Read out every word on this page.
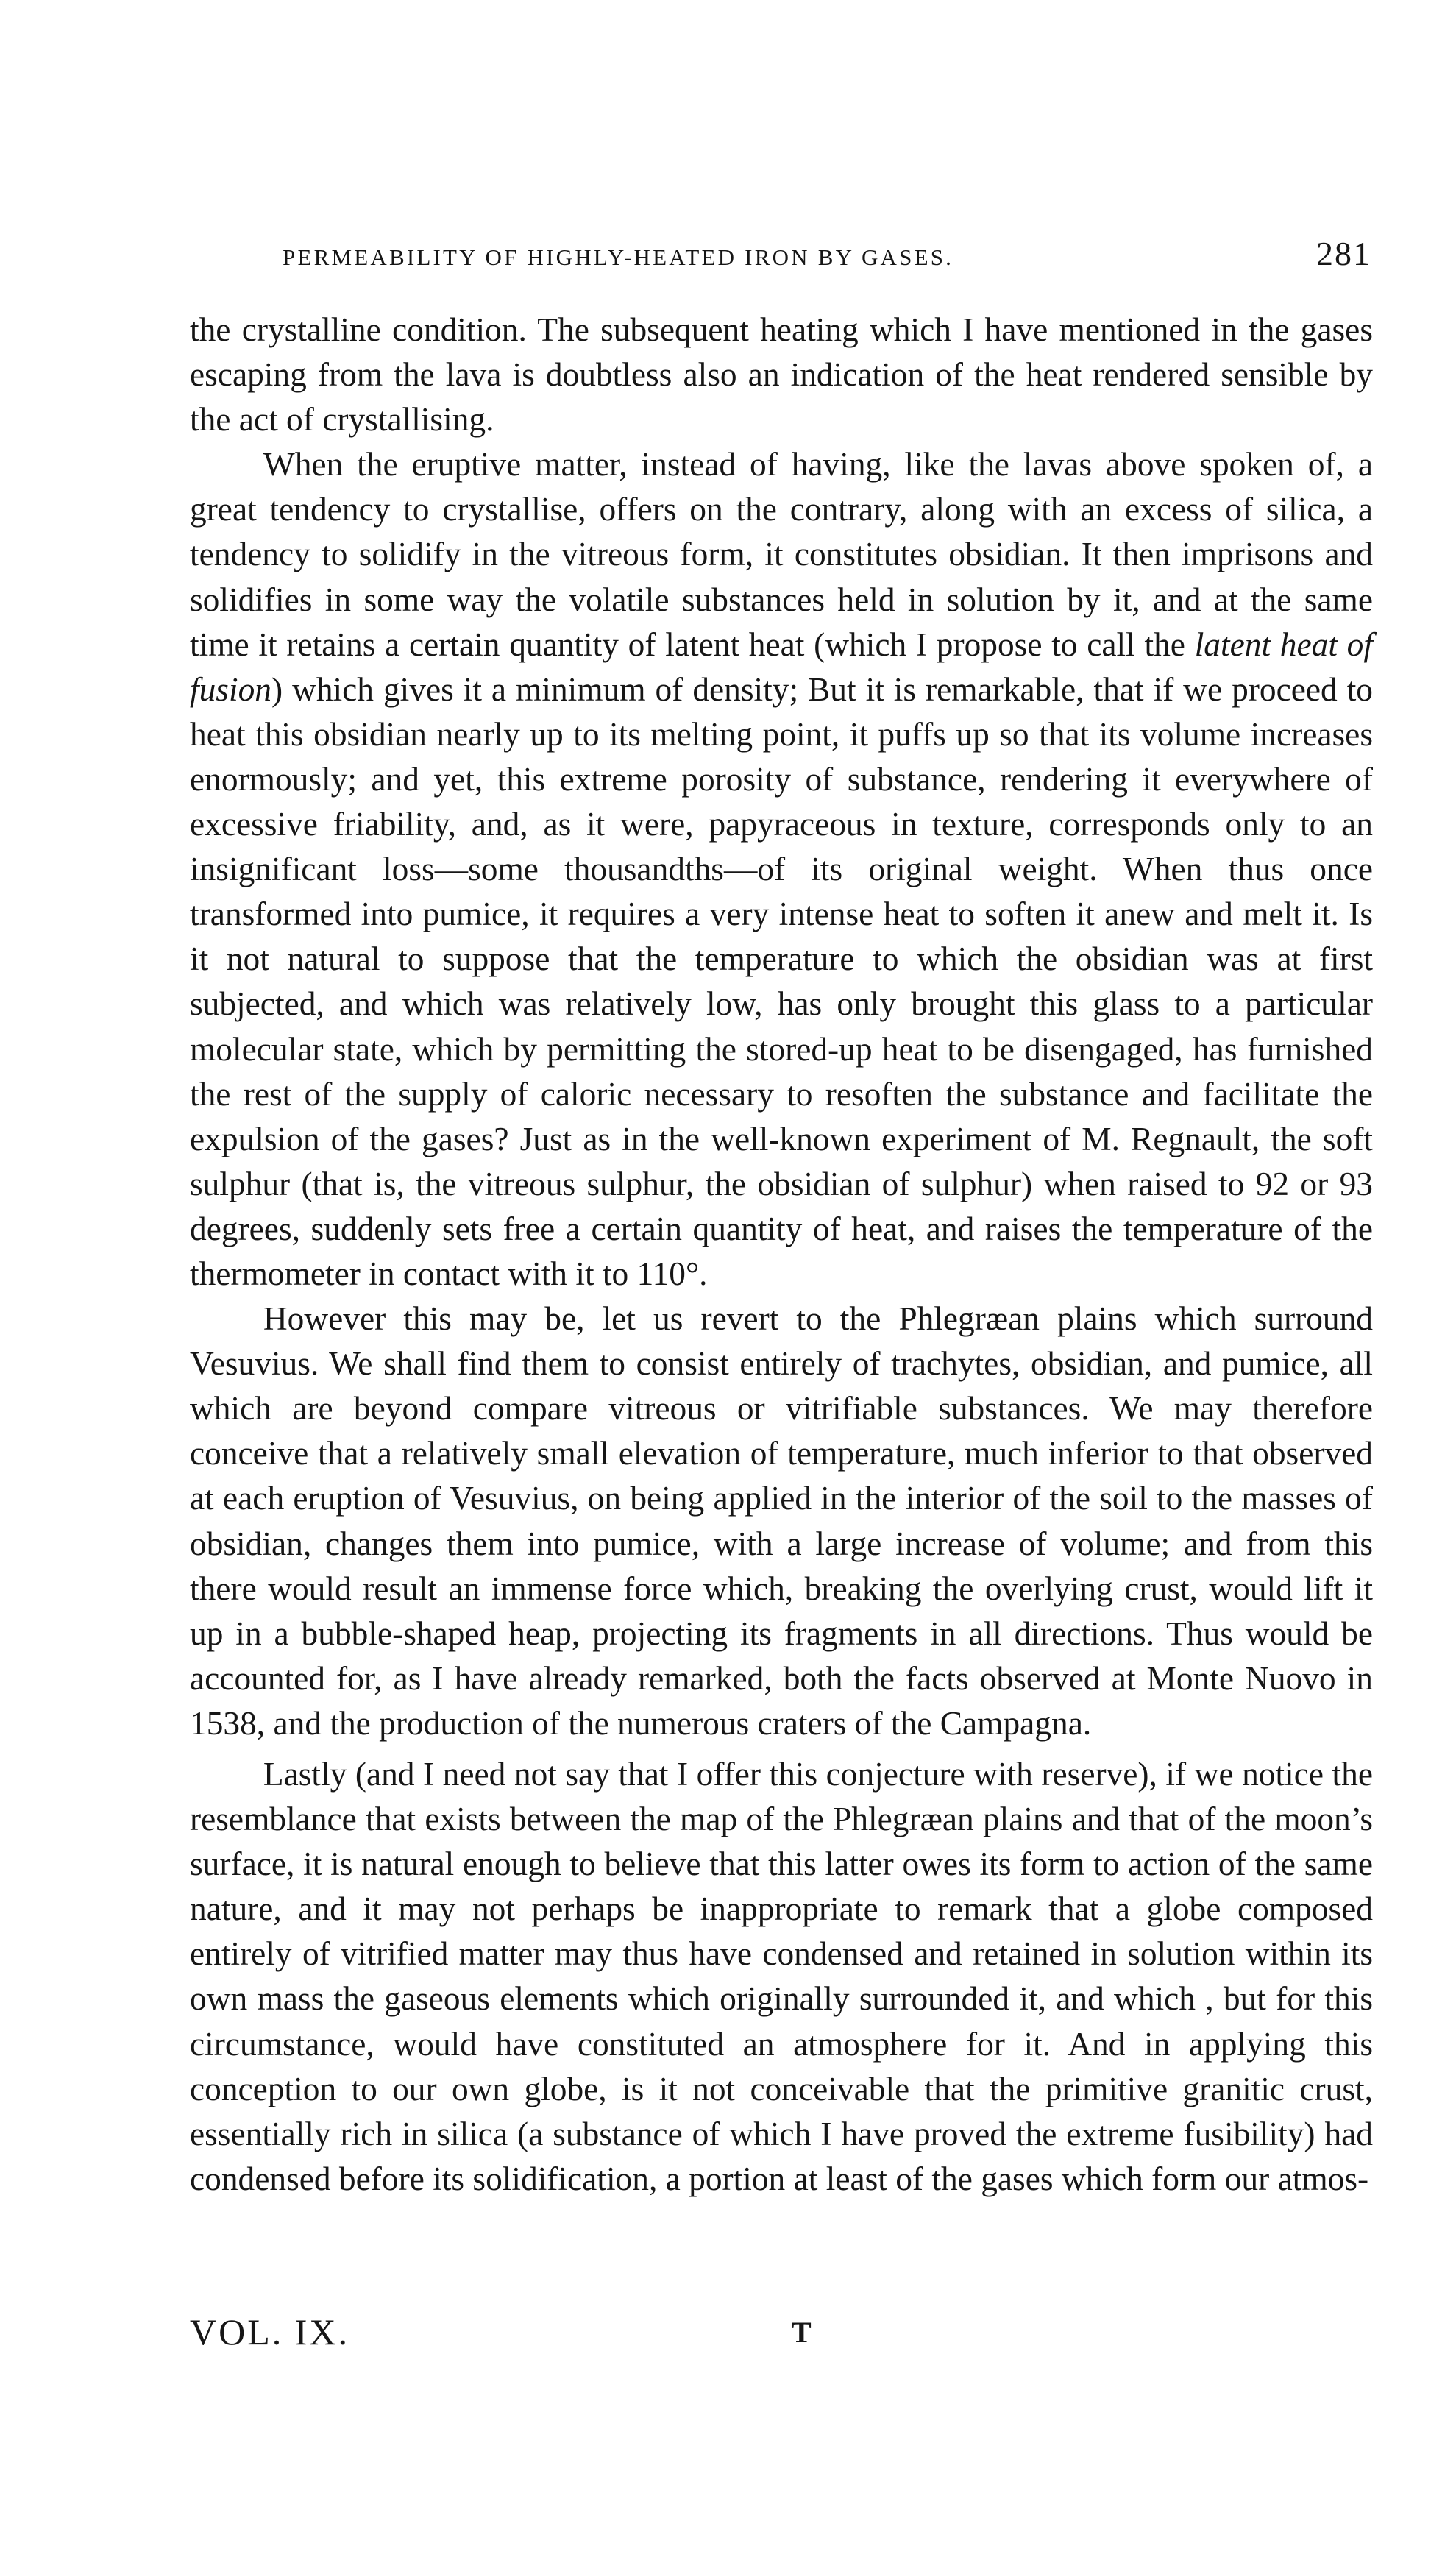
PERMEABILITY OF HIGHLY-HEATED IRON BY GASES.	281

the crystalline condition. The subsequent heating which I have mentioned in the gases escaping from the lava is doubtless also an indication of the heat rendered sensible by the act of crystallising.

When the eruptive matter, instead of having, like the lavas above spoken of, a great tendency to crystallise, offers on the contrary, along with an excess of silica, a tendency to solidify in the vitreous form, it constitutes obsidian. It then imprisons and solidifies in some way the volatile substances held in solution by it, and at the same time it retains a certain quantity of latent heat (which I propose to call the latent heat of fusion) which gives it a minimum of density; But it is remarkable, that if we proceed to heat this obsidian nearly up to its melting point, it puffs up so that its volume increases enormously; and yet, this extreme porosity of substance, rendering it everywhere of excessive friability, and, as it were, papyraceous in texture, corresponds only to an insignificant loss—some thousandths—of its original weight. When thus once transformed into pumice, it requires a very intense heat to soften it anew and melt it. Is it not natural to suppose that the temperature to which the obsidian was at first subjected, and which was relatively low, has only brought this glass to a particular molecular state, which by permitting the stored-up heat to be disengaged, has furnished the rest of the supply of caloric necessary to resoften the substance and facilitate the expulsion of the gases? Just as in the well-known experiment of M. Regnault, the soft sulphur (that is, the vitreous sulphur, the obsidian of sulphur) when raised to 92 or 93 degrees, suddenly sets free a certain quantity of heat, and raises the temperature of the thermometer in contact with it to 110°.

However this may be, let us revert to the Phlegræan plains which surround Vesuvius. We shall find them to consist entirely of trachytes, obsidian, and pumice, all which are beyond compare vitreous or vitrifiable substances. We may therefore conceive that a relatively small elevation of temperature, much inferior to that observed at each eruption of Vesuvius, on being applied in the interior of the soil to the masses of obsidian, changes them into pumice, with a large increase of volume; and from this there would result an immense force which, breaking the overlying crust, would lift it up in a bubble-shaped heap, projecting its fragments in all directions. Thus would be accounted for, as I have already remarked, both the facts observed at Monte Nuovo in 1538, and the production of the numerous craters of the Campagna.

Lastly (and I need not say that I offer this conjecture with reserve), if we notice the resemblance that exists between the map of the Phlegræan plains and that of the moon’s surface, it is natural enough to believe that this latter owes its form to action of the same nature, and it may not perhaps be inappropriate to remark that a globe composed entirely of vitrified matter may thus have condensed and retained in solution within its own mass the gaseous elements which originally surrounded it, and which , but for this circumstance, would have constituted an atmosphere for it. And in applying this conception to our own globe, is it not conceivable that the primitive granitic crust, essentially rich in silica (a substance of which I have proved the extreme fusibility) had condensed before its solidification, a portion at least of the gases which form our atmos-

VOL. IX.	T
